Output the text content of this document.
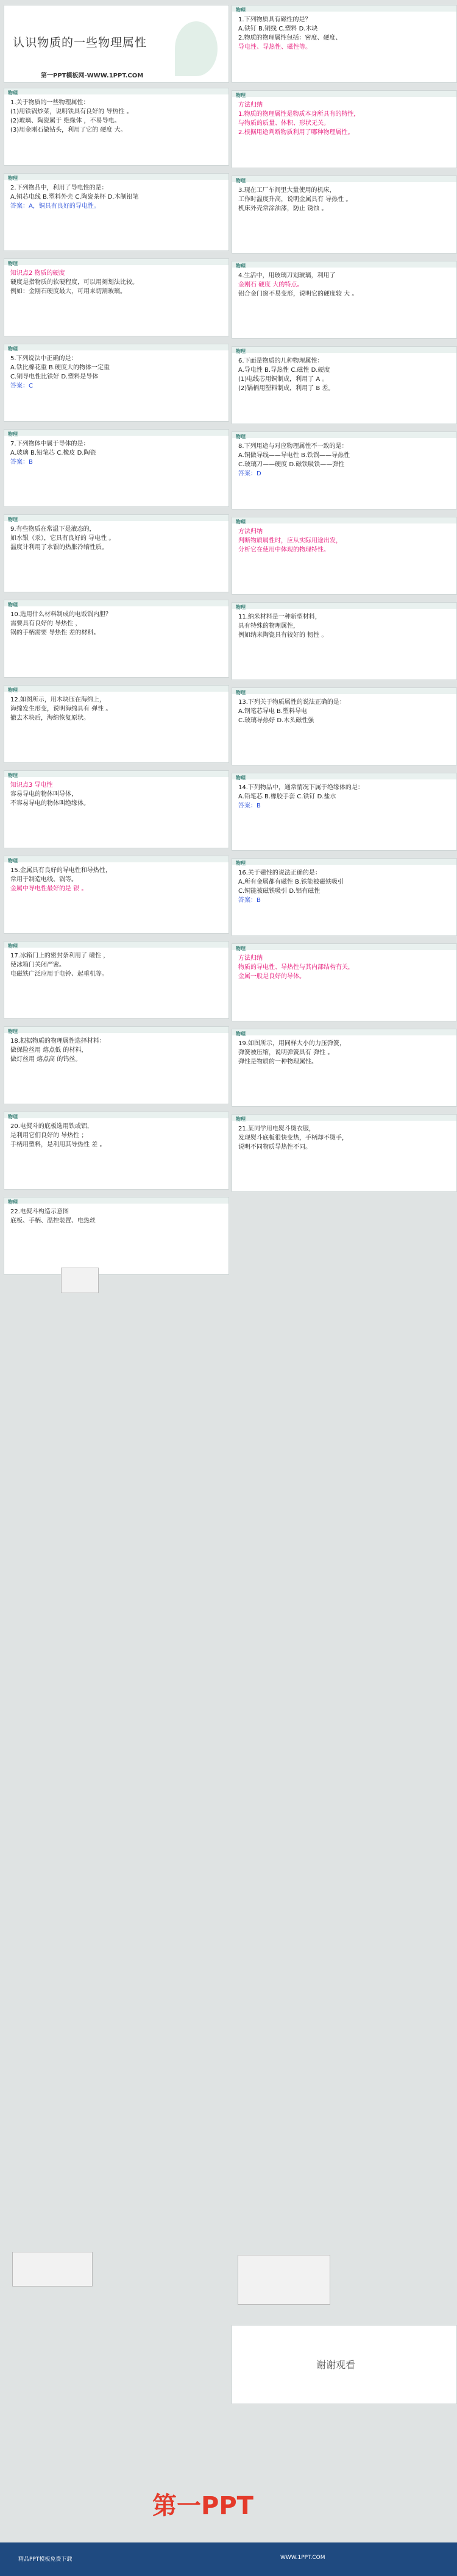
认识物质的一些物理属性
第一PPT模板网-WWW.1PPT.COM
物理
1.下列物质具有磁性的是？
A.铁钉 B.铜线 C.塑料 D.木块
2.物质的物理属性包括：密度、硬度、
导电性、导热性、磁性等。
物理
1.关于物质的一些物理属性：
(1)用铁锅炒菜，说明铁具有良好的 导热性 。
(2)玻璃、陶瓷属于 绝缘体 ，不易导电。
(3)用金刚石做钻头，利用了它的 硬度 大。
物理
方法归纳
1.物质的物理属性是物质本身所具有的特性，
与物质的质量、体积、形状无关。
2.根据用途判断物质利用了哪种物理属性。
物理
2.下列物品中，利用了导电性的是：
A.铜芯电线 B.塑料外壳 C.陶瓷茶杯 D.木制铅笔
答案：A，铜具有良好的导电性。
物理
3.现在工厂车间里大量使用的机床，
工作时温度升高，说明金属具有 导热性 。
机床外壳常涂油漆，防止 锈蚀 。
物理
知识点2 物质的硬度
硬度是指物质的软硬程度，可以用刻划法比较。
例如：金刚石硬度最大，可用来切割玻璃。
物理
4.生活中，用玻璃刀划玻璃，利用了
金刚石 硬度 大的特点。
铝合金门窗不易变形，说明它的硬度较 大 。
物理
5.下列说法中正确的是：
A.铁比棉花重 B.硬度大的物体一定重
C.铜导电性比铁好 D.塑料是导体
答案：C
物理
6.下面是物质的几种物理属性：
A.导电性 B.导热性 C.磁性 D.硬度
(1)电线芯用铜制成，利用了 A 。
(2)锅柄用塑料制成，利用了 B 差。
物理
7.下列物体中属于导体的是：
A.玻璃 B.铅笔芯 C.橡皮 D.陶瓷
答案：B
物理
8.下列用途与对应物理属性不一致的是：
A.铜做导线——导电性 B.铁锅——导热性
C.玻璃刀——硬度 D.磁铁吸铁——弹性
答案：D
物理
9.有些物质在常温下是液态的，
如水银（汞），它具有良好的 导电性 。
温度计利用了水银的热胀冷缩性质。
物理
方法归纳
判断物质属性时，应从实际用途出发，
分析它在使用中体现的物理特性。
物理
10.选用什么材料制成的电饭锅内胆？
需要具有良好的 导热性 ，
锅的手柄需要 导热性 差的材料。
物理
11.纳米材料是一种新型材料，
具有特殊的物理属性，
例如纳米陶瓷具有较好的 韧性 。
物理
12.如图所示，用木块压在海绵上，
海绵发生形变，说明海绵具有 弹性 。
撤去木块后，海绵恢复原状。
物理
13.下列关于物质属性的说法正确的是：
A.钢笔芯导电 B.塑料导电
C.玻璃导热好 D.木头磁性强
物理
知识点3 导电性
容易导电的物体叫导体，
不容易导电的物体叫绝缘体。
物理
14.下列物品中，通常情况下属于绝缘体的是：
A.铅笔芯 B.橡胶手套 C.铁钉 D.盐水
答案：B
物理
15.金属具有良好的导电性和导热性，
常用于制造电线、锅等。
金属中导电性最好的是 银 。
物理
16.关于磁性的说法正确的是：
A.所有金属都有磁性 B.铁能被磁铁吸引
C.铜能被磁铁吸引 D.铝有磁性
答案：B
物理
17.冰箱门上的密封条利用了 磁性 ，
使冰箱门关闭严密。
电磁铁广泛应用于电铃、起重机等。
物理
方法归纳
物质的导电性、导热性与其内部结构有关，
金属一般是良好的导体。
物理
18.根据物质的物理属性选择材料：
做保险丝用 熔点低 的材料，
做灯丝用 熔点高 的钨丝。
物理
19.如图所示，用同样大小的力压弹簧，
弹簧被压缩，说明弹簧具有 弹性 。
弹性是物质的一种物理属性。
物理
20.电熨斗的底板选用铁或铝，
是利用它们良好的 导热性 ；
手柄用塑料，是利用其导热性 差 。
物理
21.某同学用电熨斗烫衣服，
发现熨斗底板很快变热，手柄却不烫手，
说明不同物质导热性不同。
物理
22.电熨斗构造示意图
底板、手柄、温控装置、电热丝
谢谢观看
第一PPT
精品PPT模板免费下载	WWW.1PPT.COM
